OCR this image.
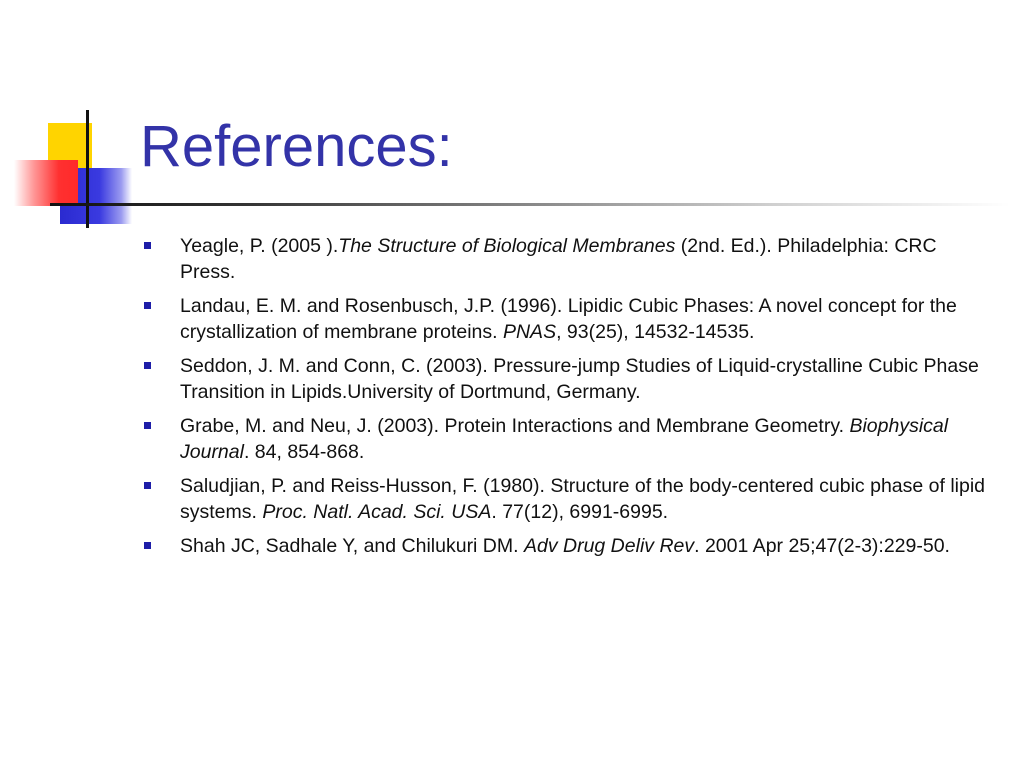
References:
Yeagle, P. (2005 ).The Structure of Biological Membranes (2nd. Ed.). Philadelphia: CRC Press.
Landau, E. M. and Rosenbusch, J.P. (1996). Lipidic Cubic Phases: A novel concept for the crystallization of membrane proteins. PNAS, 93(25), 14532-14535.
Seddon, J. M. and Conn, C. (2003). Pressure-jump Studies of Liquid-crystalline Cubic Phase Transition in Lipids.University of Dortmund, Germany.
Grabe, M. and Neu, J. (2003). Protein Interactions and Membrane Geometry. Biophysical Journal. 84, 854-868.
Saludjian, P. and Reiss-Husson, F. (1980). Structure of the body-centered cubic phase of lipid systems. Proc. Natl. Acad. Sci. USA. 77(12), 6991-6995.
Shah JC, Sadhale Y, and Chilukuri DM. Adv Drug Deliv Rev. 2001 Apr 25;47(2-3):229-50.
